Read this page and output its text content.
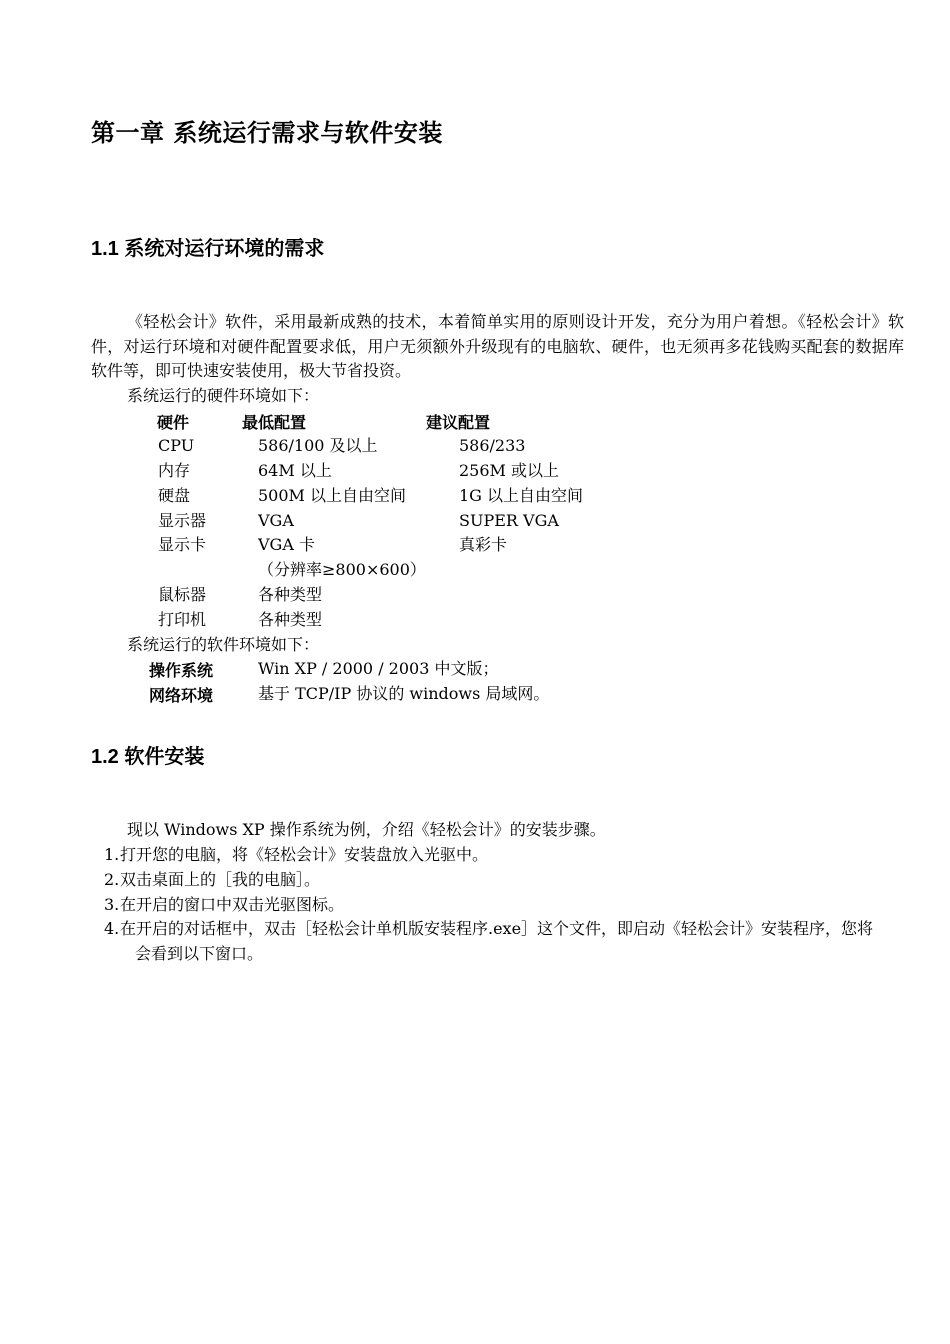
第一章 系统运行需求与软件安装
1.1 系统对运行环境的需求
《轻松会计》软件，采用最新成熟的技术，本着简单实用的原则设计开发，充分为用户着想。《轻松会计》软件，对运行环境和对硬件配置要求低，用户无须额外升级现有的电脑软、硬件，也无须再多花钱购买配套的数据库软件等，即可快速安装使用，极大节省投资。
系统运行的硬件环境如下：
硬件	最低配置	建议配置
CPU	586/100 及以上	586/233
内存	64M 以上	256M 或以上
硬盘	500M 以上自由空间	1G 以上自由空间
显示器	VGA	SUPER VGA
显示卡	VGA 卡	真彩卡
（分辨率≥800×600）
鼠标器	各种类型
打印机	各种类型
系统运行的软件环境如下：
操作系统	Win XP / 2000 / 2003 中文版；
网络环境	基于 TCP/IP 协议的 windows 局域网。
1.2 软件安装
现以 Windows XP 操作系统为例，介绍《轻松会计》的安装步骤。
1.打开您的电脑，将《轻松会计》安装盘放入光驱中。
2.双击桌面上的［我的电脑］。
3.在开启的窗口中双击光驱图标。
4.在开启的对话框中，双击［轻松会计单机版安装程序.exe］这个文件，即启动《轻松会计》安装程序，您将
会看到以下窗口。
